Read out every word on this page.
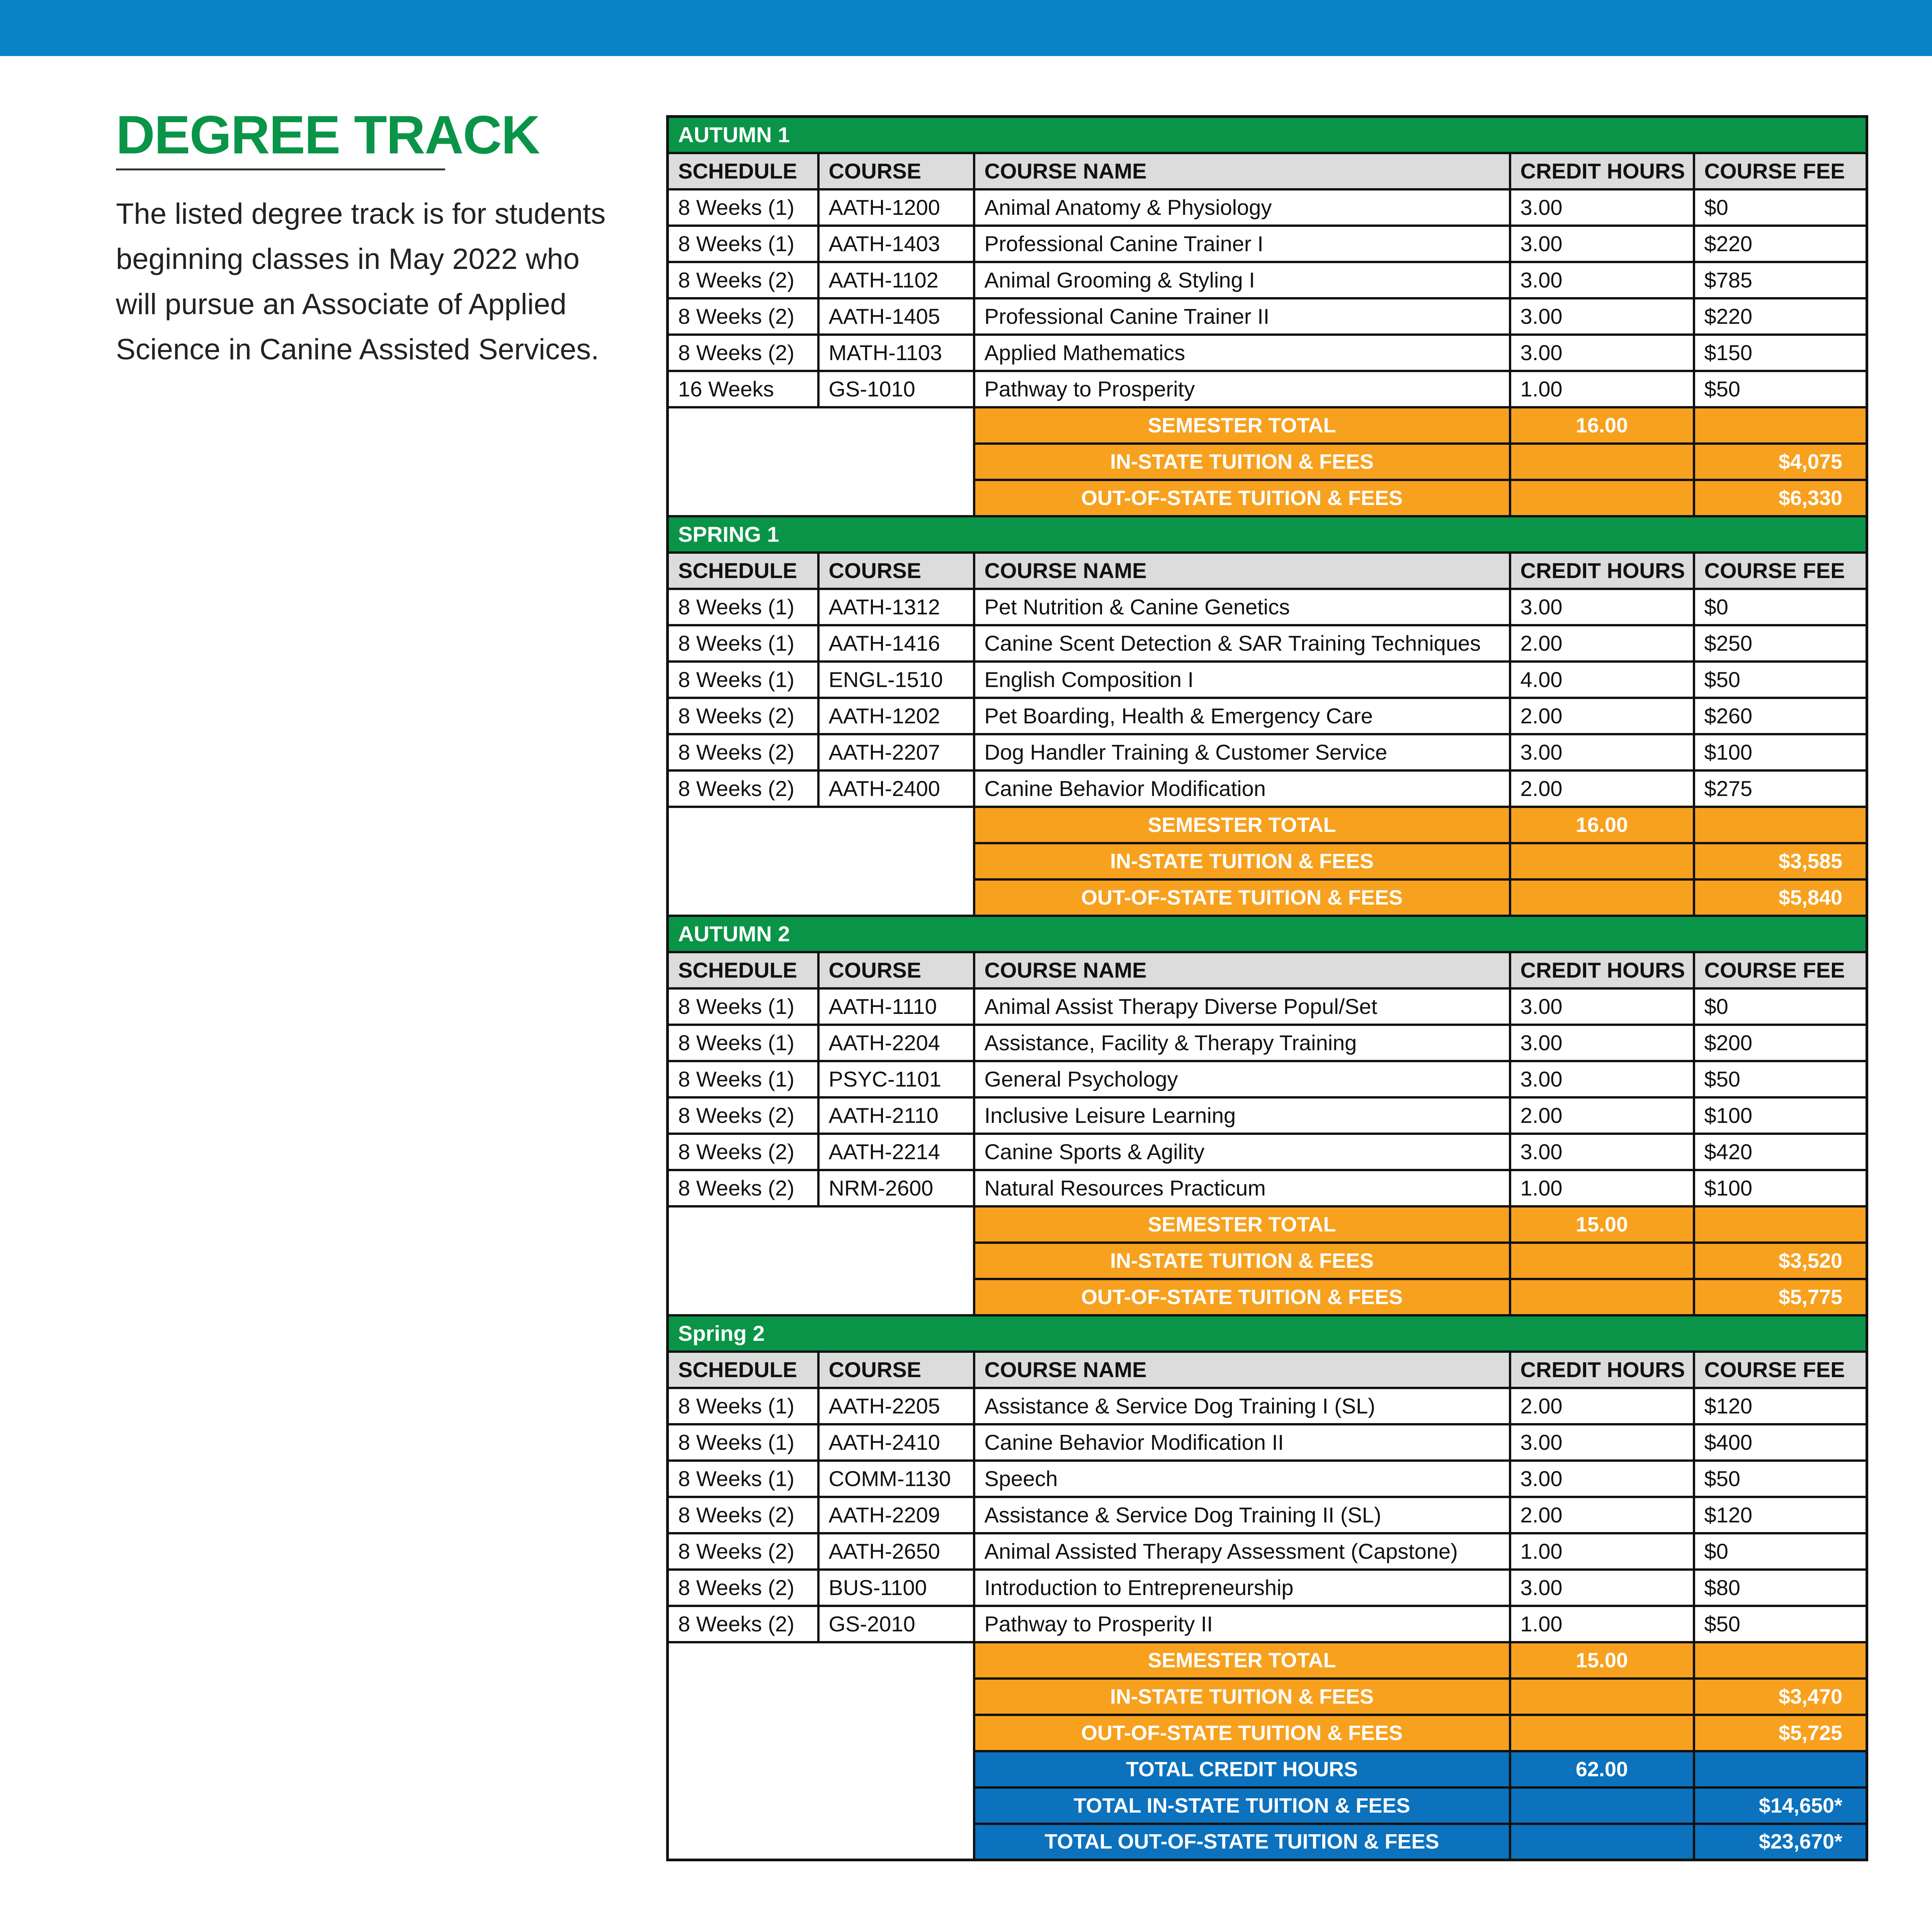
DEGREE TRACK

The listed degree track is for students beginning classes in May 2022 who will pursue an Associate of Applied Science in Canine Assisted Services.

AUTUMN 1				
SCHEDULE	COURSE	COURSE NAME	CREDIT HOURS	COURSE FEE
8 Weeks (1)	AATH-1200	Animal Anatomy & Physiology	3.00	$0
8 Weeks (1)	AATH-1403	Professional Canine Trainer I	3.00	$220
8 Weeks (2)	AATH-1102	Animal Grooming & Styling I	3.00	$785
8 Weeks (2)	AATH-1405	Professional Canine Trainer II	3.00	$220
8 Weeks (2)	MATH-1103	Applied Mathematics	3.00	$150
16 Weeks	GS-1010	Pathway to Prosperity	1.00	$50
		SEMESTER TOTAL	16.00	
		IN-STATE TUITION & FEES		$4,075
		OUT-OF-STATE TUITION & FEES		$6,330
SPRING 1				
SCHEDULE	COURSE	COURSE NAME	CREDIT HOURS	COURSE FEE
8 Weeks (1)	AATH-1312	Pet Nutrition & Canine Genetics	3.00	$0
8 Weeks (1)	AATH-1416	Canine Scent Detection & SAR Training Techniques	2.00	$250
8 Weeks (1)	ENGL-1510	English Composition I	4.00	$50
8 Weeks (2)	AATH-1202	Pet Boarding, Health & Emergency Care	2.00	$260
8 Weeks (2)	AATH-2207	Dog Handler Training & Customer Service	3.00	$100
8 Weeks (2)	AATH-2400	Canine Behavior Modification	2.00	$275
		SEMESTER TOTAL	16.00	
		IN-STATE TUITION & FEES		$3,585
		OUT-OF-STATE TUITION & FEES		$5,840
AUTUMN 2				
SCHEDULE	COURSE	COURSE NAME	CREDIT HOURS	COURSE FEE
8 Weeks (1)	AATH-1110	Animal Assist Therapy Diverse Popul/Set	3.00	$0
8 Weeks (1)	AATH-2204	Assistance, Facility & Therapy Training	3.00	$200
8 Weeks (1)	PSYC-1101	General Psychology	3.00	$50
8 Weeks (2)	AATH-2110	Inclusive Leisure Learning	2.00	$100
8 Weeks (2)	AATH-2214	Canine Sports & Agility	3.00	$420
8 Weeks (2)	NRM-2600	Natural Resources Practicum	1.00	$100
		SEMESTER TOTAL	15.00	
		IN-STATE TUITION & FEES		$3,520
		OUT-OF-STATE TUITION & FEES		$5,775
Spring 2				
SCHEDULE	COURSE	COURSE NAME	CREDIT HOURS	COURSE FEE
8 Weeks (1)	AATH-2205	Assistance & Service Dog Training I (SL)	2.00	$120
8 Weeks (1)	AATH-2410	Canine Behavior Modification II	3.00	$400
8 Weeks (1)	COMM-1130	Speech	3.00	$50
8 Weeks (2)	AATH-2209	Assistance & Service Dog Training II (SL)	2.00	$120
8 Weeks (2)	AATH-2650	Animal Assisted Therapy Assessment (Capstone)	1.00	$0
8 Weeks (2)	BUS-1100	Introduction to Entrepreneurship	3.00	$80
8 Weeks (2)	GS-2010	Pathway to Prosperity II	1.00	$50
		SEMESTER TOTAL	15.00	
		IN-STATE TUITION & FEES		$3,470
		OUT-OF-STATE TUITION & FEES		$5,725
		TOTAL CREDIT HOURS	62.00	
		TOTAL IN-STATE TUITION & FEES		$14,650*
		TOTAL OUT-OF-STATE TUITION & FEES		$23,670*
